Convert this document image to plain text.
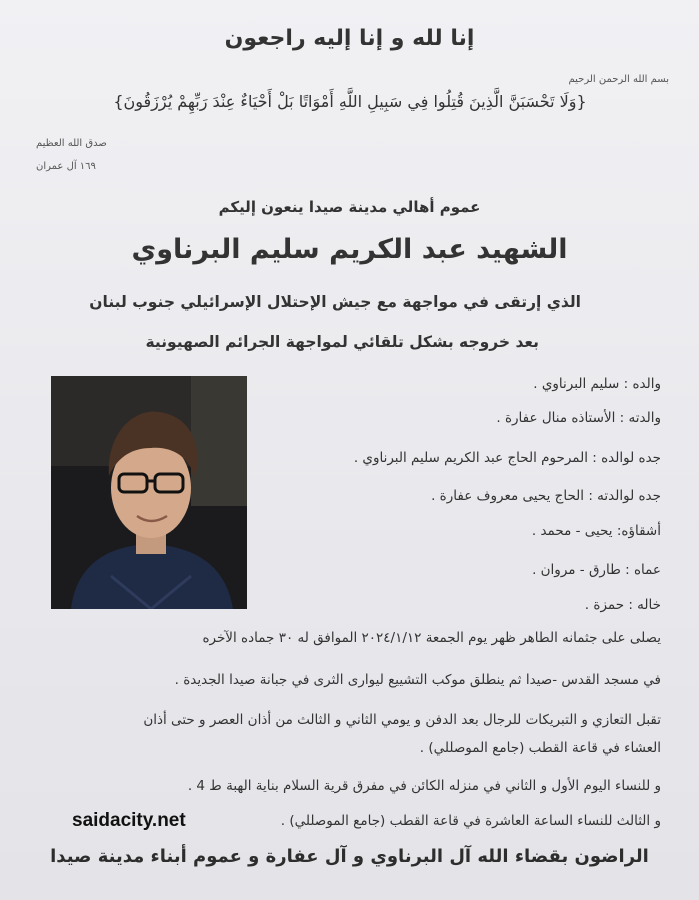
إنا لله و إنا إليه راجعون
بسم الله الرحمن الرحيم
{وَلَا تَحْسَبَنَّ الَّذِينَ قُتِلُوا فِي سَبِيلِ اللَّهِ أَمْوَاتًا بَلْ أَحْيَاءٌ عِنْدَ رَبِّهِمْ يُرْزَقُونَ}
صدق الله العظيم
١٦٩ آل عمران
عموم أهالي مدينة صيدا ينعون إليكم
الشهيد عبد الكريم سليم البرناوي
الذي إرتقى في مواجهة مع جيش الإحتلال الإسرائيلي جنوب لبنان
بعد خروجه بشكل تلقائي لمواجهة الجرائم الصهيونية
والده : سليم البرناوي .
والدته : الأستاذه منال عفارة .
جده لوالده : المرحوم الحاج عبد الكريم سليم البرناوي .
جده لوالدته : الحاج يحيى معروف عفارة .
أشقاؤه: يحيى - محمد .
عماه : طارق - مروان .
خاله : حمزة .
يصلى على جثمانه الطاهر ظهر يوم الجمعة ٢٠٢٤/١/١٢ الموافق له ٣٠ جماده الآخره
في مسجد القدس -صيدا ثم ينطلق موكب التشييع ليوارى الثرى في جبانة صيدا الجديدة .
تقبل التعازي و التبريكات للرجال بعد الدفن و يومي الثاني و الثالث من أذان العصر و حتى أذان
العشاء في قاعة القطب (جامع الموصللي) .
و للنساء اليوم الأول و الثاني في منزله الكائن في مفرق قرية السلام بناية الهبة ط 4 .
و الثالث للنساء الساعة العاشرة في قاعة القطب (جامع الموصللي) .
saidacity.net
الراضون بقضاء الله آل البرناوي و آل عفارة و عموم أبناء مدينة صيدا
